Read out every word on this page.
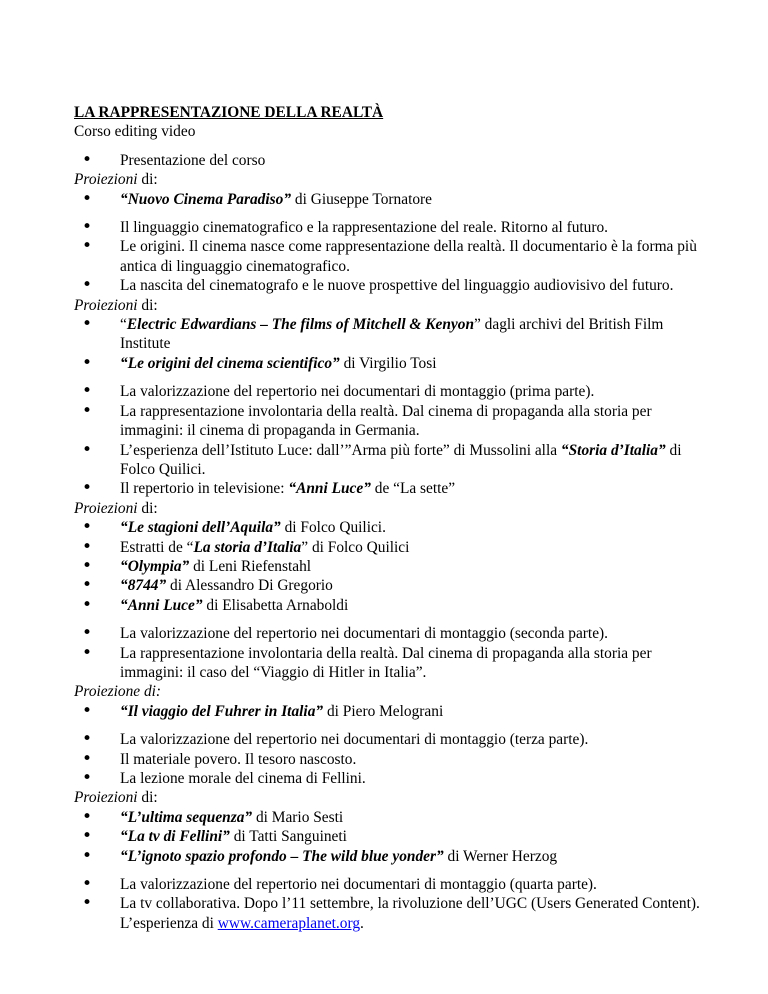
LA RAPPRESENTAZIONE DELLA REALTÀ
Corso editing video
• Presentazione del corso
Proiezioni di:
• “Nuovo Cinema Paradiso” di Giuseppe Tornatore
• Il linguaggio cinematografico e la rappresentazione del reale. Ritorno al futuro.
• Le origini. Il cinema nasce come rappresentazione della realtà. Il documentario è la forma più antica di linguaggio cinematografico.
• La nascita del cinematografo e le nuove prospettive del linguaggio audiovisivo del futuro.
Proiezioni di:
• “Electric Edwardians – The films of Mitchell & Kenyon” dagli archivi del British Film Institute
• “Le origini del cinema scientifico” di Virgilio Tosi
• La valorizzazione del repertorio nei documentari di montaggio (prima parte).
• La rappresentazione involontaria della realtà. Dal cinema di propaganda alla storia per immagini: il cinema di propaganda in Germania.
• L’esperienza dell’Istituto Luce: dall’”Arma più forte” di Mussolini alla “Storia d’Italia” di Folco Quilici.
• Il repertorio in televisione: “Anni Luce” de “La sette”
Proiezioni di:
• “Le stagioni dell’Aquila” di Folco Quilici.
• Estratti de “La storia d’Italia” di Folco Quilici
• “Olympia” di Leni Riefenstahl
• “8744” di Alessandro Di Gregorio
• “Anni Luce” di Elisabetta Arnaboldi
• La valorizzazione del repertorio nei documentari di montaggio (seconda parte).
• La rappresentazione involontaria della realtà. Dal cinema di propaganda alla storia per immagini: il caso del “Viaggio di Hitler in Italia”.
Proiezione di:
• “Il viaggio del Fuhrer in Italia” di Piero Melograni
• La valorizzazione del repertorio nei documentari di montaggio (terza parte).
• Il materiale povero. Il tesoro nascosto.
• La lezione morale del cinema di Fellini.
Proiezioni di:
• “L’ultima sequenza” di Mario Sesti
• “La tv di Fellini” di Tatti Sanguineti
• “L’ignoto spazio profondo – The wild blue yonder” di Werner Herzog
• La valorizzazione del repertorio nei documentari di montaggio (quarta parte).
• La tv collaborativa. Dopo l’11 settembre, la rivoluzione dell’UGC (Users Generated Content). L’esperienza di www.cameraplanet.org.
